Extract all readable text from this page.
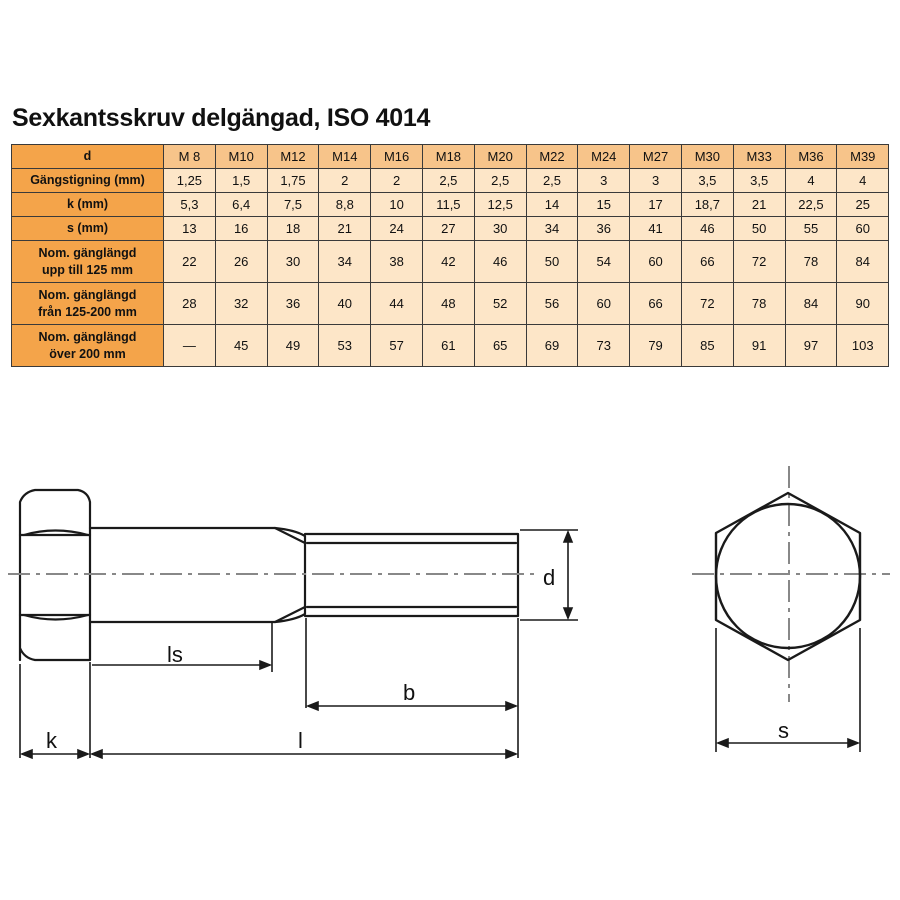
Sexkantsskruv delgängad, ISO 4014
d	M 8	M10	M12	M14	M16	M18	M20	M22	M24	M27	M30	M33	M36	M39
Gängstigning (mm)	1,25	1,5	1,75	2	2	2,5	2,5	2,5	3	3	3,5	3,5	4	4
k (mm)	5,3	6,4	7,5	8,8	10	11,5	12,5	14	15	17	18,7	21	22,5	25
s (mm)	13	16	18	21	24	27	30	34	36	41	46	50	55	60
Nom. gänglängd
upp till 125 mm	22	26	30	34	38	42	46	50	54	60	66	72	78	84
Nom. gänglängd
från 125-200 mm	28	32	36	40	44	48	52	56	60	66	72	78	84	90
Nom. gänglängd
över 200 mm	—	45	49	53	57	61	65	69	73	79	85	91	97	103
d
ls
b
k	l	s
